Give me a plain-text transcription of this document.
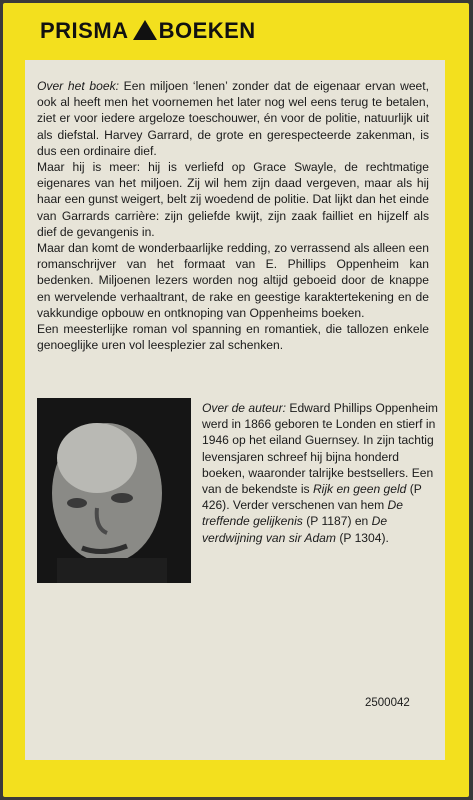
PRISMA BOEKEN

Over het boek: Een miljoen ‘lenen’ zonder dat de eigenaar ervan weet, ook al heeft men het voornemen het later nog wel eens terug te betalen, ziet er voor iedere argeloze toeschouwer, én voor de politie, natuurlijk uit als diefstal. Harvey Garrard, de grote en gerespecteerde zakenman, is dus een ordinaire dief.

Maar hij is meer: hij is verliefd op Grace Swayle, de rechtmatige eigenares van het miljoen. Zij wil hem zijn daad vergeven, maar als hij haar een gunst weigert, belt zij woedend de politie. Dat lijkt dan het einde van Garrards carrière: zijn geliefde kwijt, zijn zaak failliet en hijzelf als dief de gevangenis in.

Maar dan komt de wonderbaarlijke redding, zo verrassend als alleen een romanschrijver van het formaat van E. Phillips Oppenheim kan bedenken. Miljoenen lezers worden nog altijd geboeid door de knappe en wervelende verhaaltrant, de rake en geestige karaktertekening en de vakkundige opbouw en ontknoping van Oppenheims boeken.

Een meesterlijke roman vol spanning en romantiek, die tallozen enkele genoeglijke uren vol leesplezier zal schenken.

Over de auteur: Edward Phillips Oppenheim werd in 1866 geboren te Londen en stierf in 1946 op het eiland Guernsey. In zijn tachtig levensjaren schreef hij bijna honderd boeken, waaronder talrijke bestsellers. Een van de bekendste is Rijk en geen geld (P 426). Verder verschenen van hem De treffende gelijkenis (P 1187) en De verdwijning van sir Adam (P 1304).
2500042
